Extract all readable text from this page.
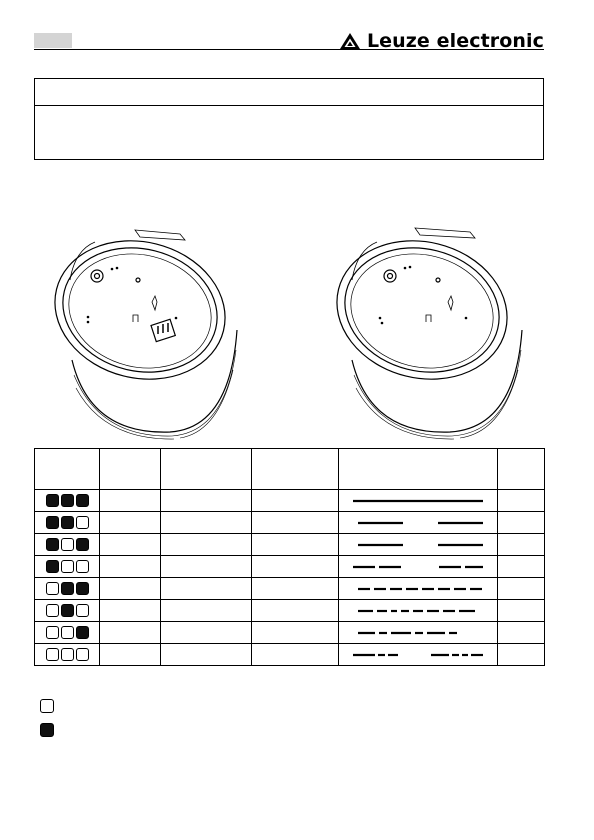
Leuze electronic
